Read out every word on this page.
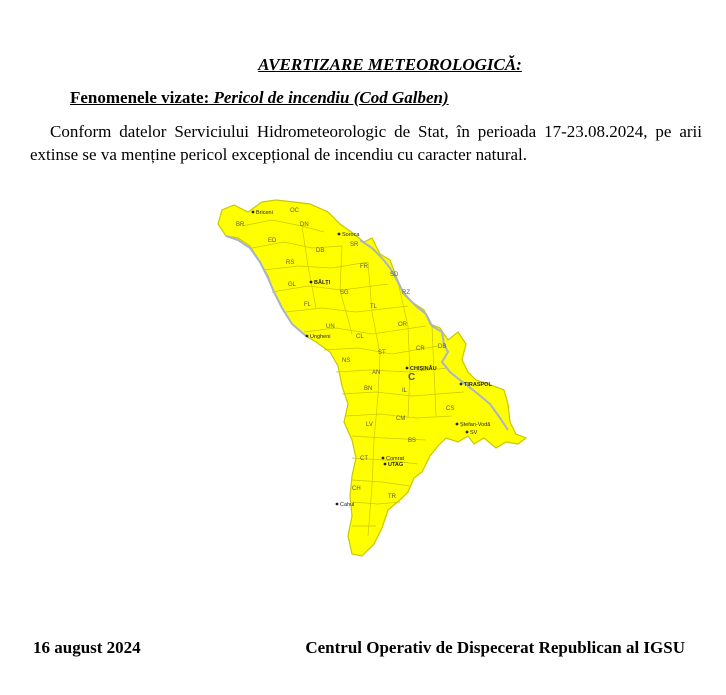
AVERTIZARE METEOROLOGICĂ:
Fenomenele vizate: Pericol de incendiu (Cod Galben)
Conform datelor Serviciului Hidrometeorologic de Stat, în perioada 17-23.08.2024, pe arii extinse se va menține pericol excepțional de incendiu cu caracter natural.
OC
BR	DN
ED
DB
SR
RS
FR
SD
GL
SG	RZ
FL	TL
UN	OR
CL
ST
CR DB
NS
AN
BN	IL
CS
LV
CM
BS
CT
CH
TR
C
Briceni
Soroca
BĂLȚI
Ungheni
CHIȘINĂU
TIRASPOL
Ștefan-Vodă
Comrat
UTAG
Cahul
SV
16 august 2024	Centrul Operativ de Dispecerat Republican al IGSU
